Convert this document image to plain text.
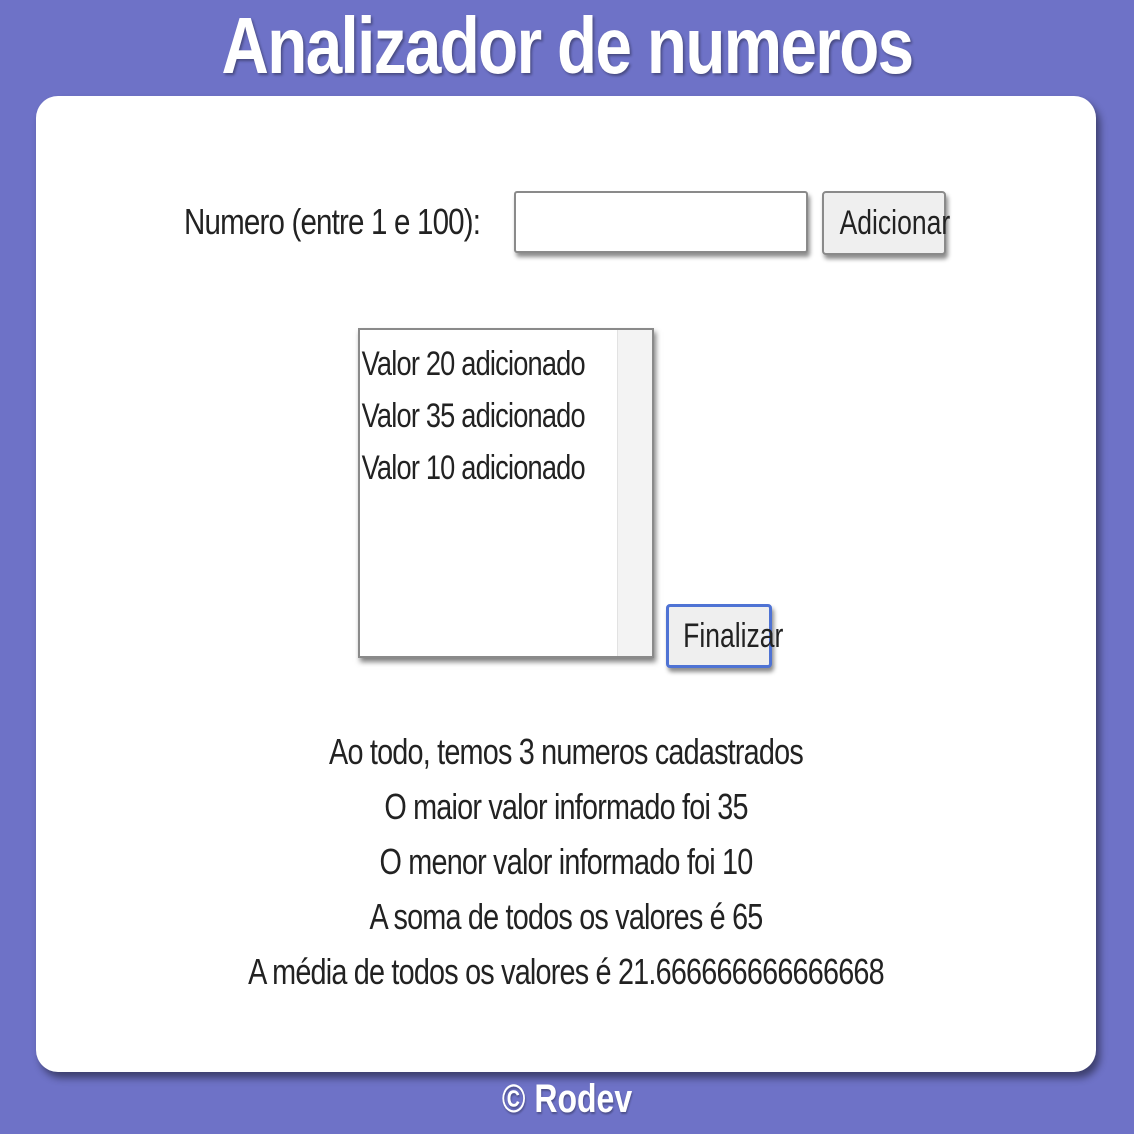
Analizador de numeros
Numero (entre 1 e 100):	Adicionar
Valor 20 adicionado
Valor 35 adicionado
Valor 10 adicionado
Finalizar
Ao todo, temos 3 numeros cadastrados
O maior valor informado foi 35
O menor valor informado foi 10
A soma de todos os valores é 65
A média de todos os valores é 21.666666666666668
© Rodev
